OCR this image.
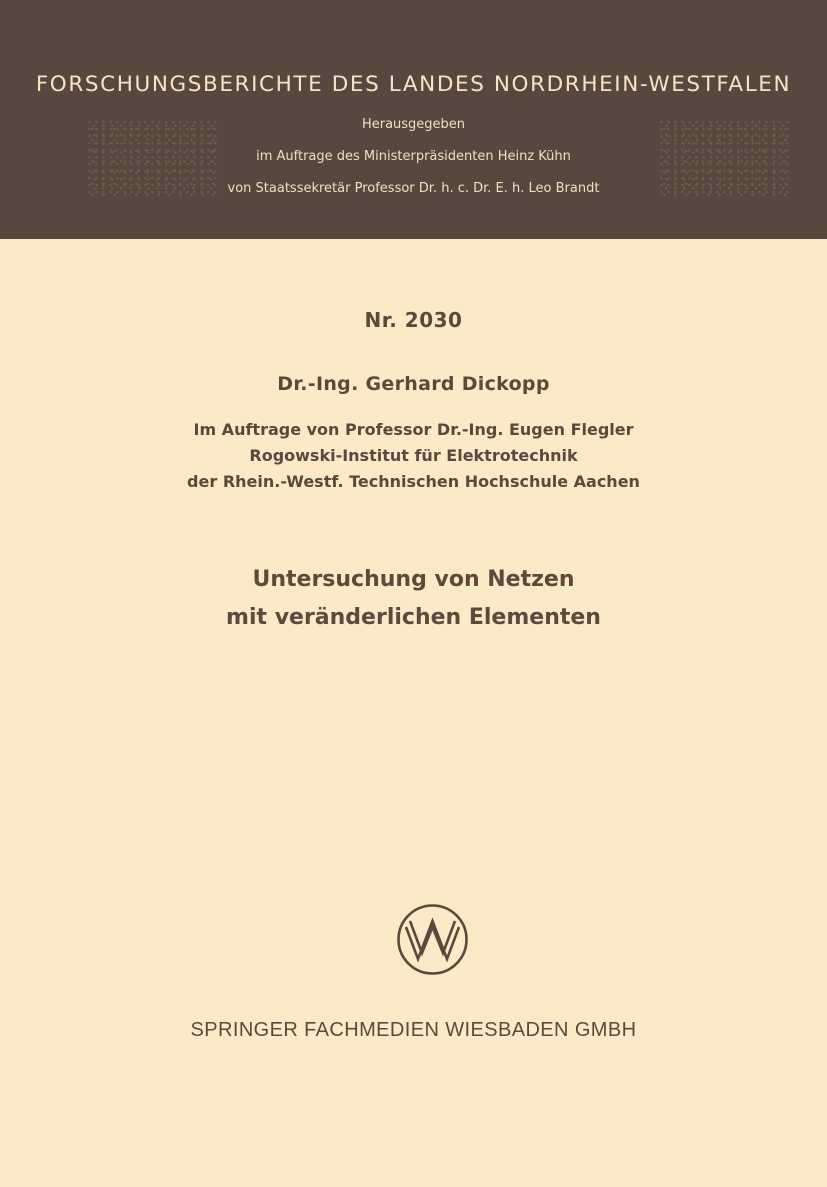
FORSCHUNGSBERICHTE DES LANDES NORDRHEIN-WESTFALEN
Herausgegeben
im Auftrage des Ministerpräsidenten Heinz Kühn
von Staatssekretär Professor Dr. h. c. Dr. E. h. Leo Brandt
Nr. 2030
Dr.-Ing. Gerhard Dickopp
Im Auftrage von Professor Dr.-Ing. Eugen Flegler
Rogowski-Institut für Elektrotechnik
der Rhein.-Westf. Technischen Hochschule Aachen
Untersuchung von Netzen
mit veränderlichen Elementen
SPRINGER FACHMEDIEN WIESBADEN GMBH
